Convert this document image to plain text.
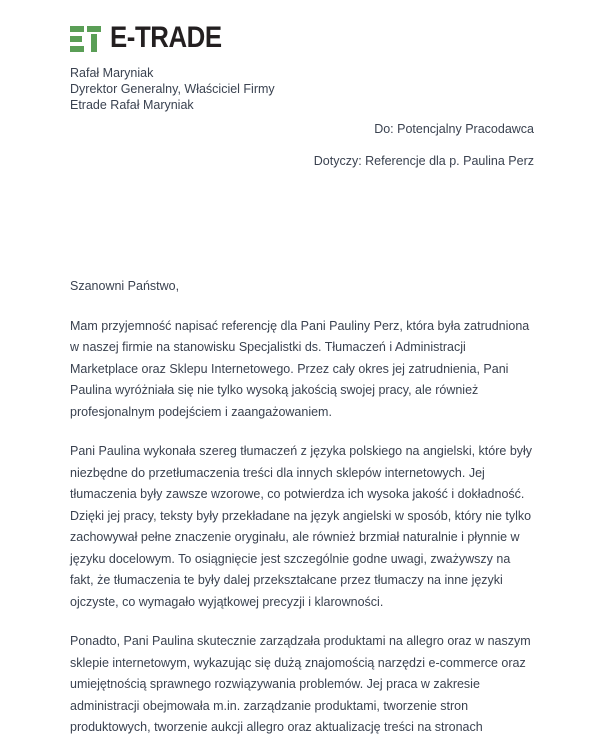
E-TRADE
Rafał Maryniak
Dyrektor Generalny, Właściciel Firmy
Etrade Rafał Maryniak
Do: Potencjalny Pracodawca
Dotyczy: Referencje dla p. Paulina Perz

Szanowni Państwo,

Mam przyjemność napisać referencję dla Pani Pauliny Perz, która była zatrudniona w naszej firmie na stanowisku Specjalistki ds. Tłumaczeń i Administracji Marketplace oraz Sklepu Internetowego. Przez cały okres jej zatrudnienia, Pani Paulina wyróżniała się nie tylko wysoką jakością swojej pracy, ale również profesjonalnym podejściem i zaangażowaniem.

Pani Paulina wykonała szereg tłumaczeń z języka polskiego na angielski, które były niezbędne do przetłumaczenia treści dla innych sklepów internetowych. Jej tłumaczenia były zawsze wzorowe, co potwierdza ich wysoka jakość i dokładność. Dzięki jej pracy, teksty były przekładane na język angielski w sposób, który nie tylko zachowywał pełne znaczenie oryginału, ale również brzmiał naturalnie i płynnie w języku docelowym. To osiągnięcie jest szczególnie godne uwagi, zważywszy na fakt, że tłumaczenia te były dalej przekształcane przez tłumaczy na inne języki ojczyste, co wymagało wyjątkowej precyzji i klarowności.

Ponadto, Pani Paulina skutecznie zarządzała produktami na allegro oraz w naszym sklepie internetowym, wykazując się dużą znajomością narzędzi e-commerce oraz umiejętnością sprawnego rozwiązywania problemów. Jej praca w zakresie administracji obejmowała m.in. zarządzanie produktami, tworzenie stron produktowych, tworzenie aukcji allegro oraz aktualizację treści na stronach
